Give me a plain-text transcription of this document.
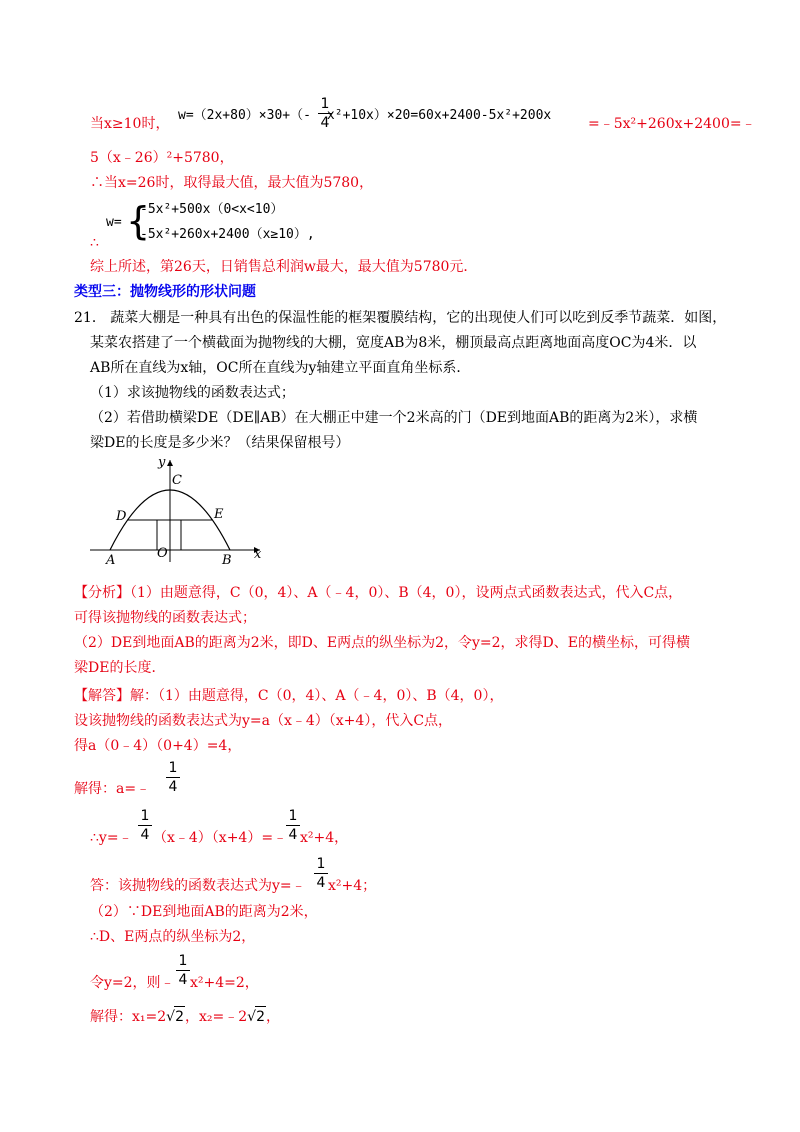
当x≥10时，
w=（2x+80）×30+（- x²+10x）×20=60x+2400-5x²+200x
1
4	=﹣5x²+260x+2400=﹣
5（x﹣26）²+5780，
∴当x=26时，取得最大值，最大值为5780，
w= {
-5x²+500x（0<x<10）
-5x²+260x+2400（x≥10）,
∴
综上所述，第26天，日销售总利润w最大，最大值为5780元．
类型三：抛物线形的形状问题
21． 蔬菜大棚是一种具有出色的保温性能的框架覆膜结构，它的出现使人们可以吃到反季节蔬菜．如图，
某菜农搭建了一个横截面为抛物线的大棚，宽度AB为8米，棚顶最高点距离地面高度OC为4米．以
AB所在直线为x轴，OC所在直线为y轴建立平面直角坐标系．
（1）求该抛物线的函数表达式；
（2）若借助横梁DE（DE∥AB）在大棚正中建一个2米高的门（DE到地面AB的距离为2米），求横
梁DE的长度是多少米？（结果保留根号）
y
C
D	E
A	O	B x
【分析】（1）由题意得，C（0，4）、A（﹣4，0）、B（4，0），设两点式函数表达式，代入C点，
可得该抛物线的函数表达式；
（2）DE到地面AB的距离为2米，即D、E两点的纵坐标为2，令y=2，求得D、E的横坐标，可得横
梁DE的长度．
【解答】解：（1）由题意得，C（0，4）、A（﹣4，0）、B（4，0），
设该抛物线的函数表达式为y=a（x﹣4）（x+4），代入C点，
得a（0﹣4）（0+4）=4，
解得：a=﹣
1
4
∴y=﹣
1
4 （x﹣4）（x+4）=﹣
1
4 x²+4，
答：该抛物线的函数表达式为y=﹣
1
4 x²+4；
（2）∵DE到地面AB的距离为2米，
∴D、E两点的纵坐标为2，
令y=2，则﹣
1
4 x²+4=2，
解得：x₁=2√2，x₂=﹣2√2，
